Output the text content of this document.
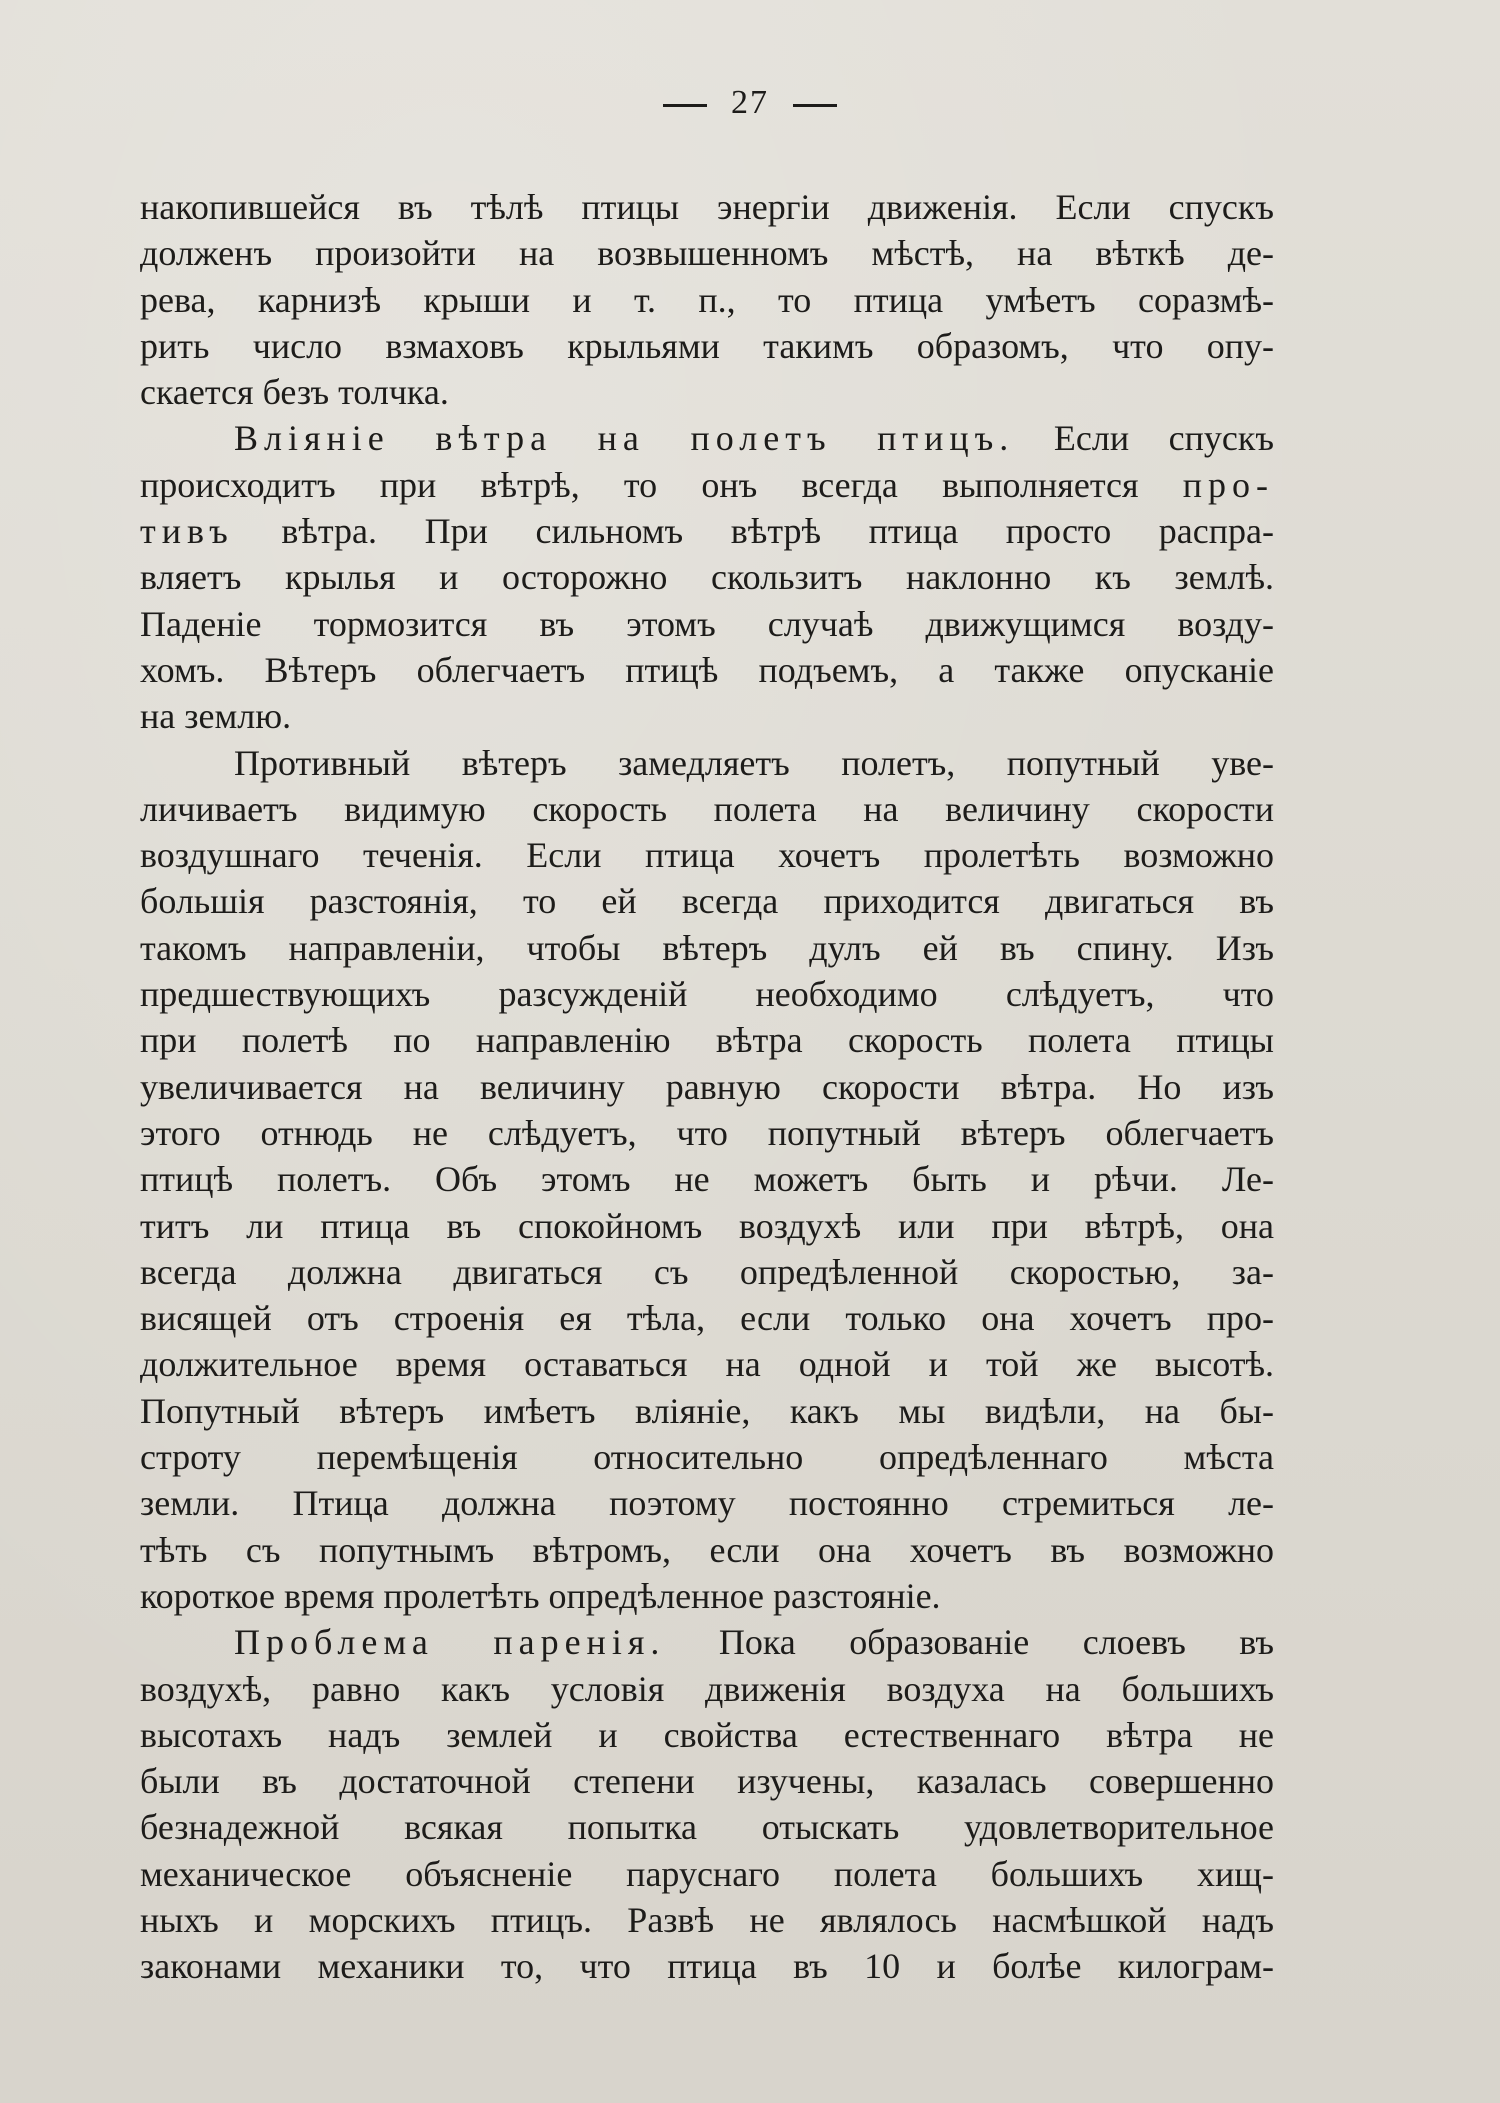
27
накопившейся въ тѣлѣ птицы энергіи движенія. Если спускъ
долженъ произойти на возвышенномъ мѣстѣ, на вѣткѣ де-
рева, карнизѣ крыши и т. п., то птица умѣетъ соразмѣ-
рить число взмаховъ крыльями такимъ образомъ, что опу-
скается безъ толчка.
Вліяніе вѣтра на полетъ птицъ. Если спускъ
происходитъ при вѣтрѣ, то онъ всегда выполняется про-
тивъ вѣтра. При сильномъ вѣтрѣ птица просто распра-
вляетъ крылья и осторожно скользитъ наклонно къ землѣ.
Паденіе тормозится въ этомъ случаѣ движущимся возду-
хомъ. Вѣтеръ облегчаетъ птицѣ подъемъ, а также опусканіе
на землю.
Противный вѣтеръ замедляетъ полетъ, попутный уве-
личиваетъ видимую скорость полета на величину скорости
воздушнаго теченія. Если птица хочетъ пролетѣть возможно
большія разстоянія, то ей всегда приходится двигаться въ
такомъ направленіи, чтобы вѣтеръ дулъ ей въ спину. Изъ
предшествующихъ разсужденій необходимо слѣдуетъ, что
при полетѣ по направленію вѣтра скорость полета птицы
увеличивается на величину равную скорости вѣтра. Но изъ
этого отнюдь не слѣдуетъ, что попутный вѣтеръ облегчаетъ
птицѣ полетъ. Объ этомъ не можетъ быть и рѣчи. Ле-
титъ ли птица въ спокойномъ воздухѣ или при вѣтрѣ, она
всегда должна двигаться съ опредѣленной скоростью, за-
висящей отъ строенія ея тѣла, если только она хочетъ про-
должительное время оставаться на одной и той же высотѣ.
Попутный вѣтеръ имѣетъ вліяніе, какъ мы видѣли, на бы-
строту перемѣщенія относительно опредѣленнаго мѣста
земли. Птица должна поэтому постоянно стремиться ле-
тѣть съ попутнымъ вѣтромъ, если она хочетъ въ возможно
короткое время пролетѣть опредѣленное разстояніе.
Проблема паренія. Пока образованіе слоевъ въ
воздухѣ, равно какъ условія движенія воздуха на большихъ
высотахъ надъ землей и свойства естественнаго вѣтра не
были въ достаточной степени изучены, казалась совершенно
безнадежной всякая попытка отыскать удовлетворительное
механическое объясненіе паруснаго полета большихъ хищ-
ныхъ и морскихъ птицъ. Развѣ не являлось насмѣшкой надъ
законами механики то, что птица въ 10 и болѣе килограм-
